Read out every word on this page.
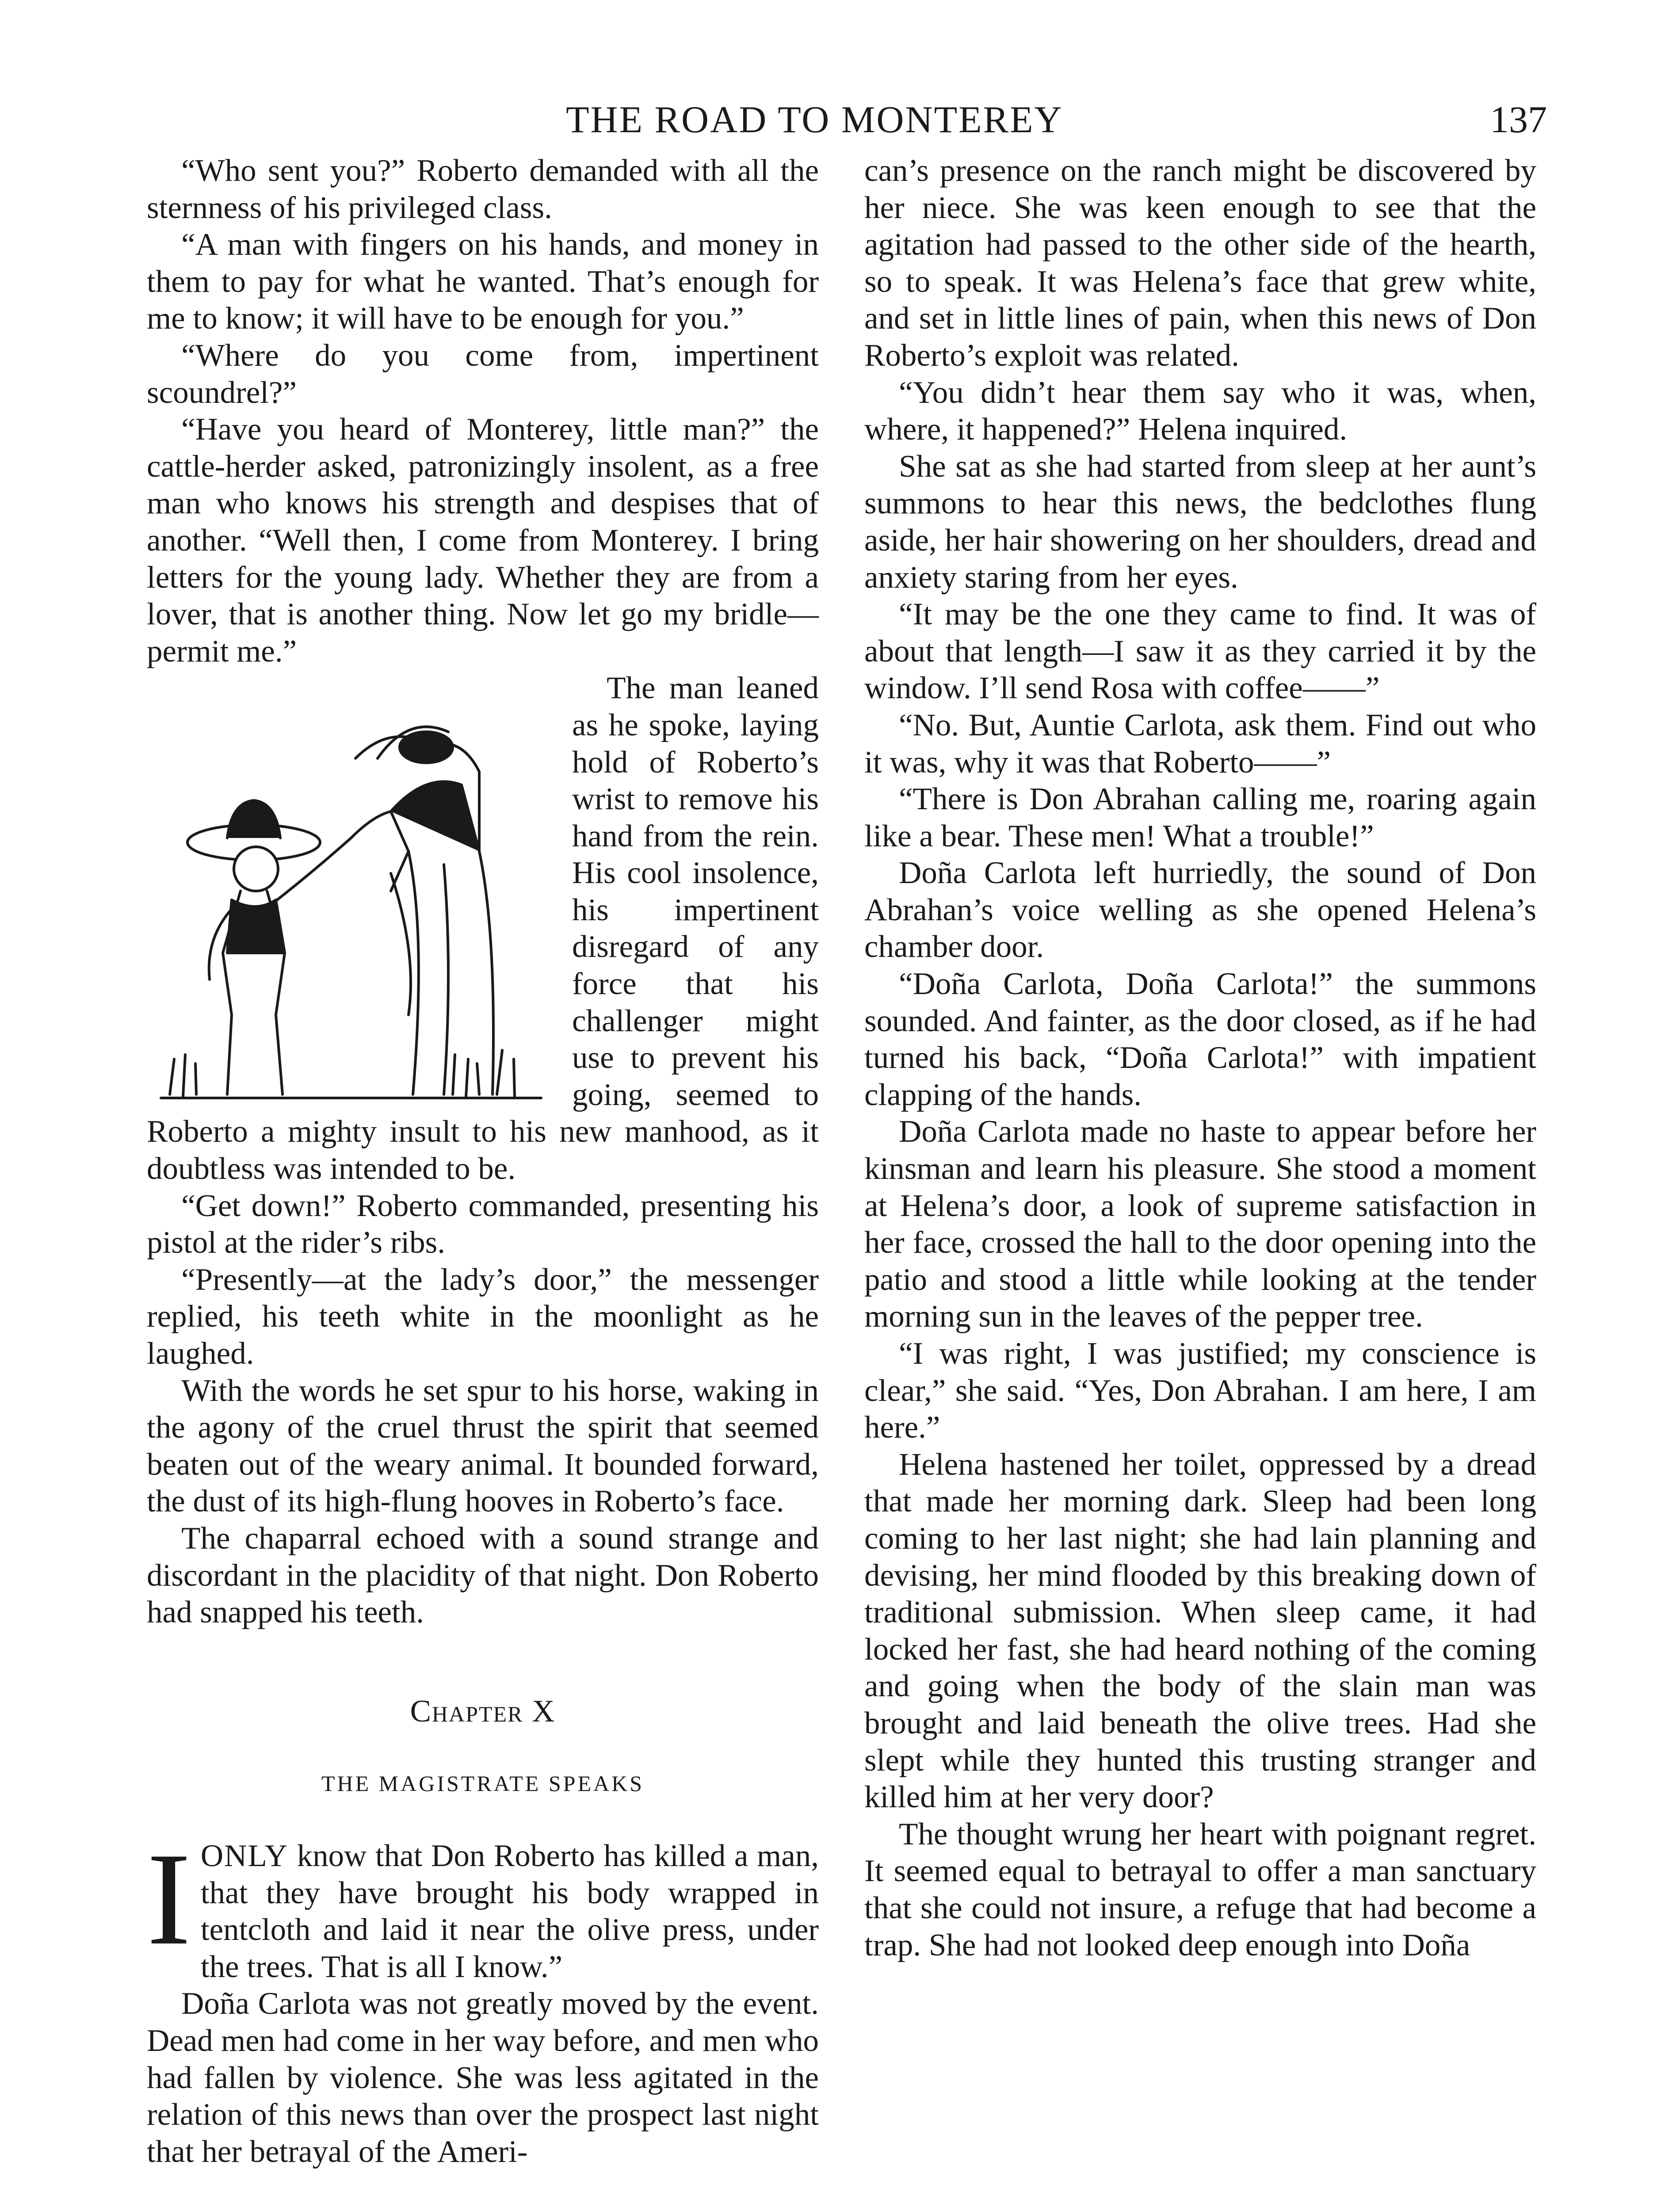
THE ROAD TO MONTEREY	137

“Who sent you?” Roberto demanded with all the sternness of his privileged class.

“A man with fingers on his hands, and money in them to pay for what he wanted. That’s enough for me to know; it will have to be enough for you.”

“Where do you come from, impertinent scoundrel?”

“Have you heard of Monterey, little man?” the cattle-herder asked, patronizingly insolent, as a free man who knows his strength and despises that of another. “Well then, I come from Monterey. I bring letters for the young lady. Whether they are from a lover, that is another thing. Now let go my bridle—permit me.”

The man leaned as he spoke, laying hold of Roberto’s wrist to remove his hand from the rein. His cool insolence, his impertinent disregard of any force that his challenger might use to prevent his going, seemed to Roberto a mighty insult to his new manhood, as it doubtless was intended to be.

“Get down!” Roberto commanded, presenting his pistol at the rider’s ribs.

“Presently—at the lady’s door,” the messenger replied, his teeth white in the moonlight as he laughed.

With the words he set spur to his horse, waking in the agony of the cruel thrust the spirit that seemed beaten out of the weary animal. It bounded forward, the dust of its high-flung hooves in Roberto’s face.

The chaparral echoed with a sound strange and discordant in the placidity of that night. Don Roberto had snapped his teeth.

Chapter X
THE MAGISTRATE SPEAKS

I ONLY know that Don Roberto has killed a man, that they have brought his body wrapped in tentcloth and laid it near the olive press, under the trees. That is all I know.”

Doña Carlota was not greatly moved by the event. Dead men had come in her way before, and men who had fallen by violence. She was less agitated in the relation of this news than over the prospect last night that her betrayal of the Ameri-

can’s presence on the ranch might be discovered by her niece. She was keen enough to see that the agitation had passed to the other side of the hearth, so to speak. It was Helena’s face that grew white, and set in little lines of pain, when this news of Don Roberto’s exploit was related.

“You didn’t hear them say who it was, when, where, it happened?” Helena inquired.

She sat as she had started from sleep at her aunt’s summons to hear this news, the bedclothes flung aside, her hair showering on her shoulders, dread and anxiety staring from her eyes.

“It may be the one they came to find. It was of about that length—I saw it as they carried it by the window. I’ll send Rosa with coffee——”

“No. But, Auntie Carlota, ask them. Find out who it was, why it was that Roberto——”

“There is Don Abrahan calling me, roaring again like a bear. These men! What a trouble!”

Doña Carlota left hurriedly, the sound of Don Abrahan’s voice welling as she opened Helena’s chamber door.

“Doña Carlota, Doña Carlota!” the summons sounded. And fainter, as the door closed, as if he had turned his back, “Doña Carlota!” with impatient clapping of the hands.

Doña Carlota made no haste to appear before her kinsman and learn his pleasure. She stood a moment at Helena’s door, a look of supreme satisfaction in her face, crossed the hall to the door opening into the patio and stood a little while looking at the tender morning sun in the leaves of the pepper tree.

“I was right, I was justified; my conscience is clear,” she said. “Yes, Don Abrahan. I am here, I am here.”

Helena hastened her toilet, oppressed by a dread that made her morning dark. Sleep had been long coming to her last night; she had lain planning and devising, her mind flooded by this breaking down of traditional submission. When sleep came, it had locked her fast, she had heard nothing of the coming and going when the body of the slain man was brought and laid beneath the olive trees. Had she slept while they hunted this trusting stranger and killed him at her very door?

The thought wrung her heart with poignant regret. It seemed equal to betrayal to offer a man sanctuary that she could not insure, a refuge that had become a trap. She had not looked deep enough into Doña
